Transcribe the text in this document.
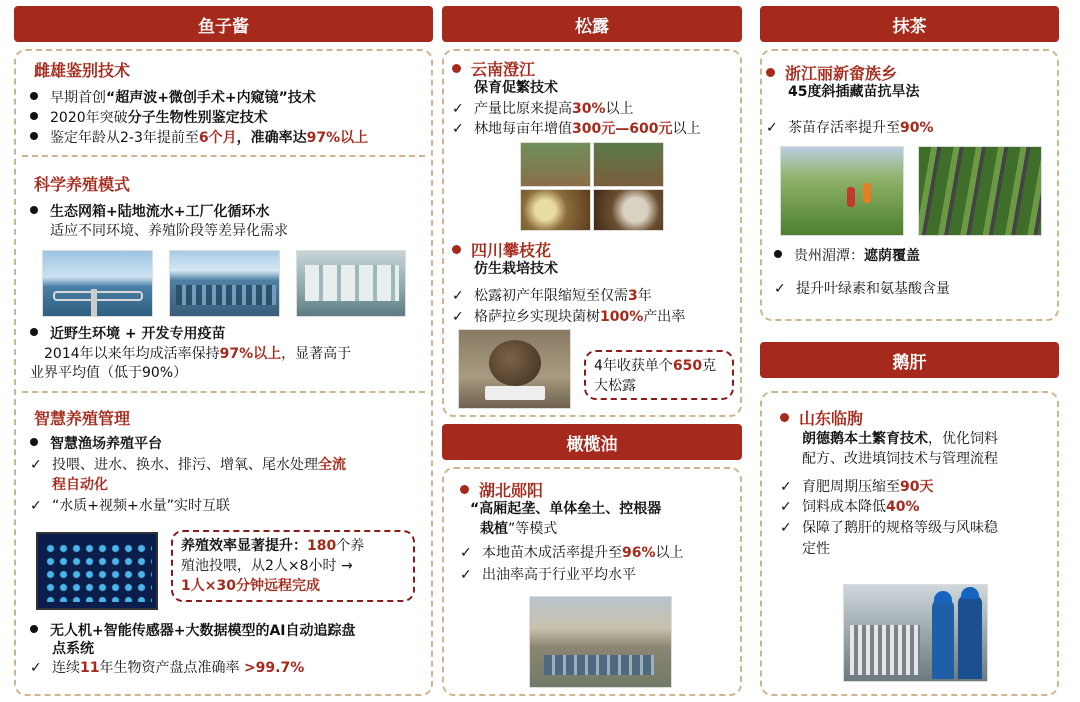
鱼子酱
雌雄鉴别技术
早期首创“超声波+微创手术+内窥镜”技术
2020年突破分子生物性别鉴定技术
鉴定年龄从2-3年提前至6个月，准确率达97%以上
科学养殖模式
生态网箱+陆地流水+工厂化循环水
适应不同环境、养殖阶段等差异化需求
近野生环境 + 开发专用疫苗
2014年以来年均成活率保持97%以上，显著高于
业界平均值（低于90%）
智慧养殖管理
智慧渔场养殖平台
✓ 投喂、进水、换水、排污、增氧、尾水处理全流
程自动化
✓ “水质+视频+水量”实时互联
养殖效率显著提升：180个养
殖池投喂，从2人×8小时 →
1人×30分钟远程完成
无人机+智能传感器+大数据模型的AI自动追踪盘
点系统
✓ 连续11年生物资产盘点准确率 >99.7%
松露
云南澄江
保育促繁技术
✓ 产量比原来提高30%以上
✓ 林地每亩年增值300元—600元以上
四川攀枝花
仿生栽培技术
✓ 松露初产年限缩短至仅需3年
✓ 格萨拉乡实现块菌树100%产出率
4年收获单个650克
大松露
橄榄油
湖北郧阳
“高厢起垄、单体垒土、控根器
栽植”等模式
✓ 本地苗木成活率提升至96%以上
✓ 出油率高于行业平均水平
抹茶
浙江丽新畲族乡
45度斜插藏苗抗旱法
✓ 茶苗存活率提升至90%
贵州湄潭：遮荫覆盖
✓ 提升叶绿素和氨基酸含量
鹅肝
山东临朐
朗德鹅本土繁育技术，优化饲料
配方、改进填饲技术与管理流程
✓ 育肥周期压缩至90天
✓ 饲料成本降低40%
✓ 保障了鹅肝的规格等级与风味稳
定性
